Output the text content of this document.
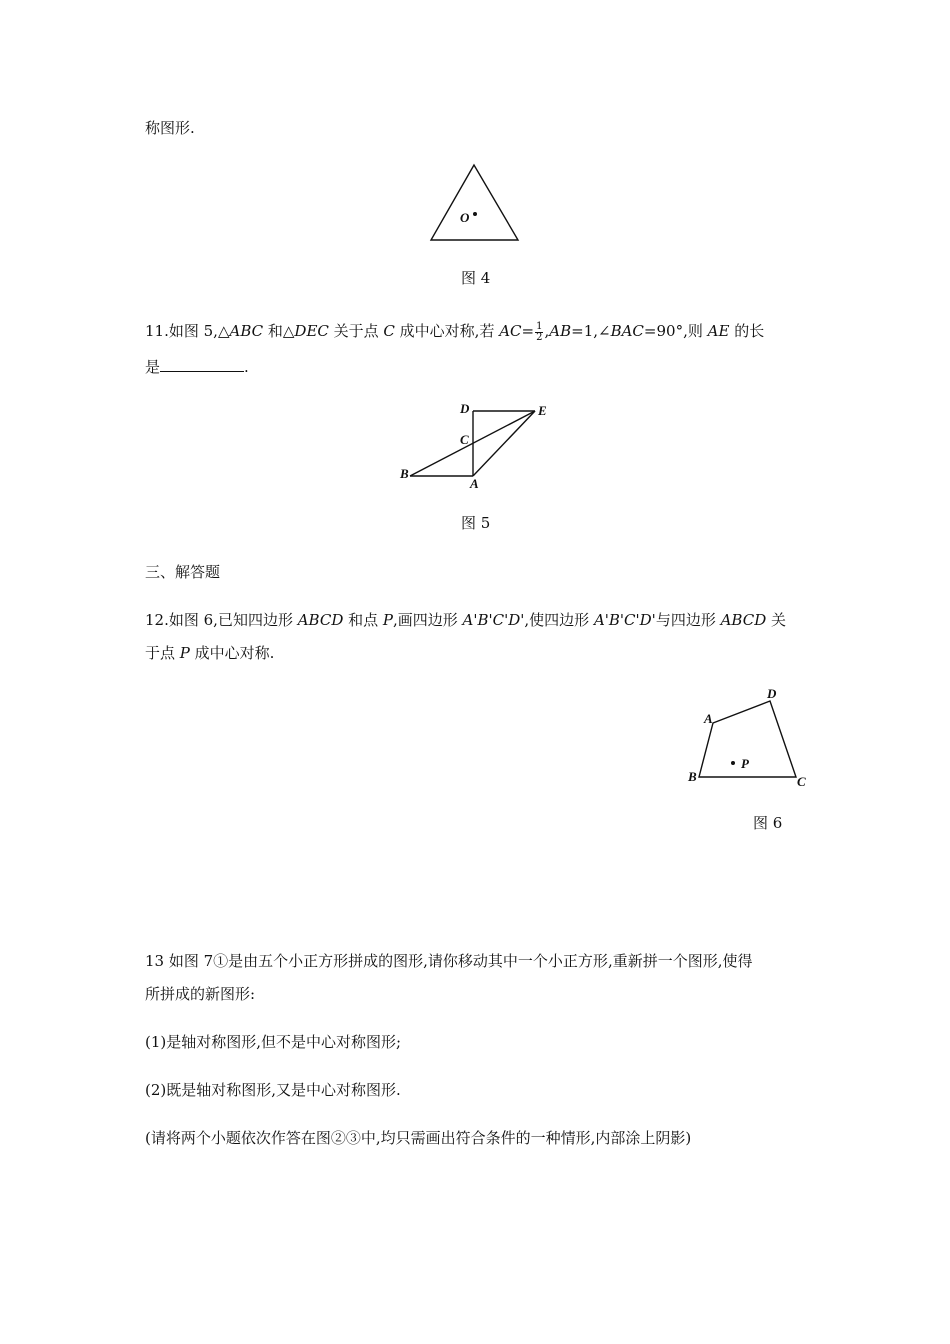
称图形.
O
图 4
11.如图 5,△ABC 和△DEC 关于点 C 成中心对称,若 $AC= \frac{1}{2}$ ,AB=1,∠BAC=90°,则 AE 的长
是	.
D	E
C
B
A
图 5
三、解答题
12.如图 6,已知四边形 ABCD 和点 P,画四边形 A'B'C'D',使四边形 A'B'C'D'与四边形 ABCD 关
于点 P 成中心对称.
A
D
P
B	C
图 6
13 如图 7①是由五个小正方形拼成的图形,请你移动其中一个小正方形,重新拼一个图形,使得
所拼成的新图形:
(1)是轴对称图形,但不是中心对称图形;
(2)既是轴对称图形,又是中心对称图形.
(请将两个小题依次作答在图②③中,均只需画出符合条件的一种情形,内部涂上阴影)
